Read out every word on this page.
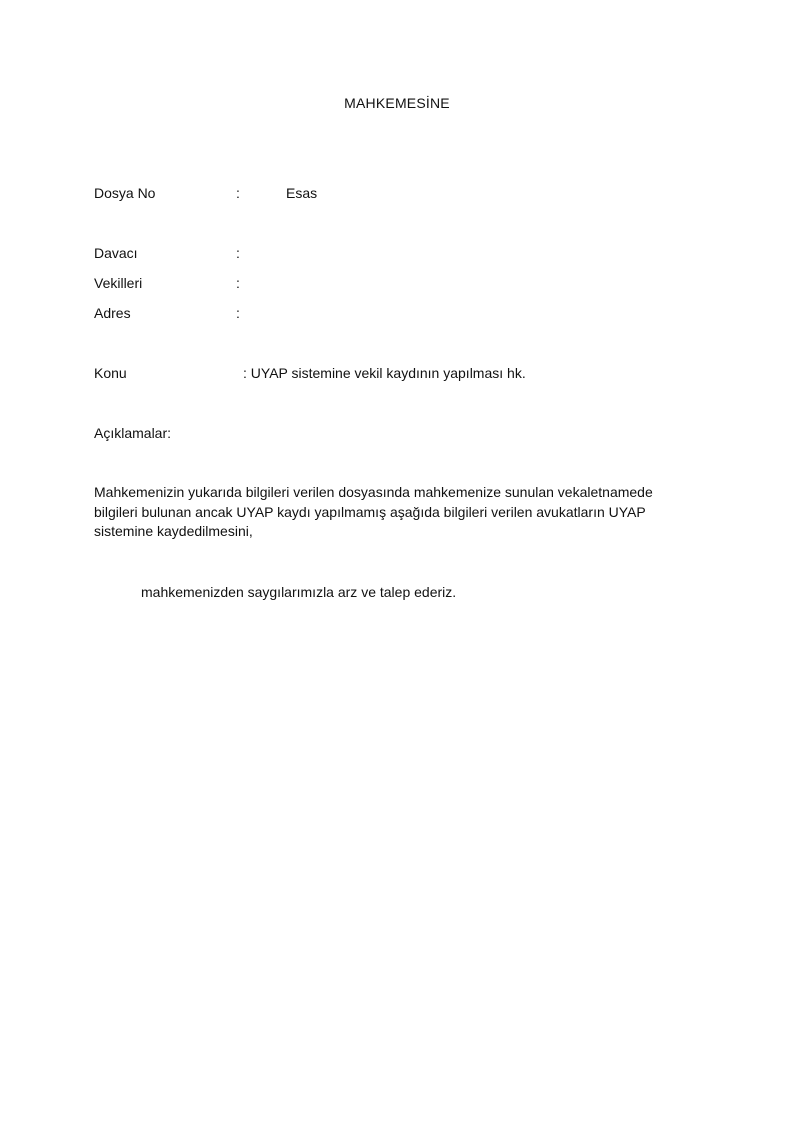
MAHKEMESİNE
Dosya No	:	Esas
Davacı	:
Vekilleri	:
Adres	:
Konu	: UYAP sistemine vekil kaydının yapılması hk.
Açıklamalar:
Mahkemenizin yukarıda bilgileri verilen dosyasında mahkemenize sunulan vekaletnamede bilgileri bulunan ancak UYAP kaydı yapılmamış aşağıda bilgileri verilen avukatların UYAP sistemine kaydedilmesini,
mahkemenizden saygılarımızla arz ve talep ederiz.
